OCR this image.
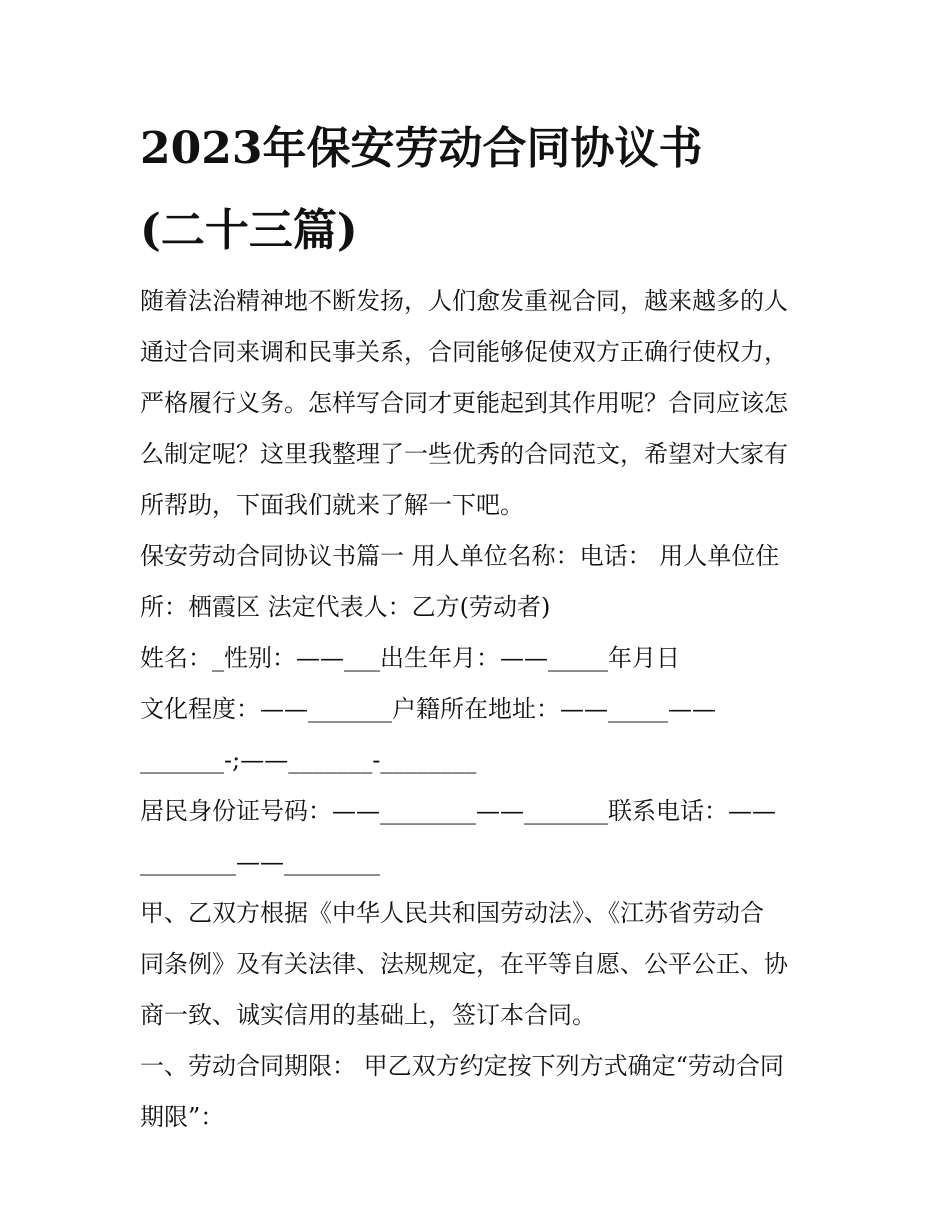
2023年保安劳动合同协议书
(二十三篇)
随着法治精神地不断发扬，人们愈发重视合同，越来越多的人
通过合同来调和民事关系，合同能够促使双方正确行使权力，
严格履行义务。怎样写合同才更能起到其作用呢？合同应该怎
么制定呢？这里我整理了一些优秀的合同范文，希望对大家有
所帮助，下面我们就来了解一下吧。
保安劳动合同协议书篇一 用人单位名称：电话： 用人单位住
所：栖霞区 法定代表人：乙方(劳动者)
姓名：_性别：——___出生年月：——_____年月日
文化程度：——_______户籍所在地址：——_____——
_______-;——_______-________
居民身份证号码：——________——_______联系电话：——
________——________
甲、乙双方根据《中华人民共和国劳动法》、《江苏省劳动合
同条例》及有关法律、法规规定，在平等自愿、公平公正、协
商一致、诚实信用的基础上，签订本合同。
一、劳动合同期限： 甲乙双方约定按下列方式确定“劳动合同
期限”：
